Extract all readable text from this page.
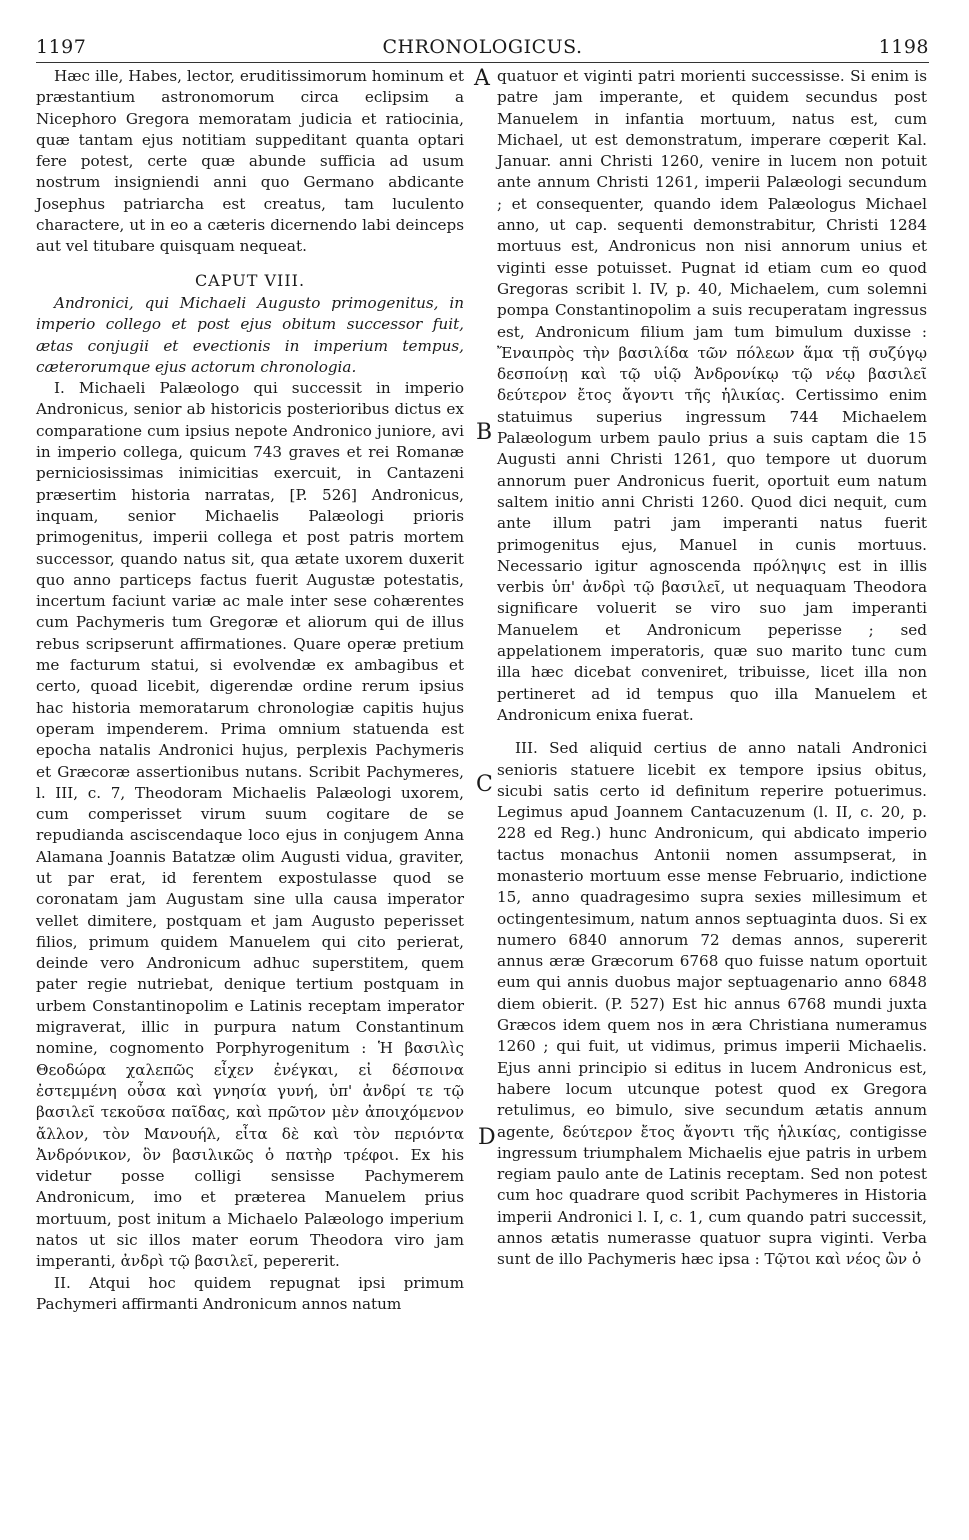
1197	CHRONOLOGICUS.	1198
A
B
C
D

Hæc ille, Habes, lector, eruditissimorum hominum et præstantium astronomorum circa eclipsim a Nicephoro Gregora memoratam judicia et ratiocinia, quæ tantam ejus notitiam suppeditant quanta optari fere potest, certe quæ abunde sufficia ad usum nostrum insigniendi anni quo Germano abdicante Josephus patriarcha est creatus, tam luculento charactere, ut in eo a cæteris dicernendo labi deinceps aut vel titubare quisquam nequeat.

CAPUT VIII.

Andronici, qui Michaeli Augusto primogenitus, in imperio collego et post ejus obitum successor fuit, ætas conjugii et evectionis in imperium tempus, cæterorumque ejus actorum chronologia.

I. Michaeli Palæologo qui successit in imperio Andronicus, senior ab historicis posterioribus dictus ex comparatione cum ipsius nepote Andronico juniore, avi in imperio collega, quicum 743 graves et rei Romanæ perniciosissimas inimicitias exercuit, in Cantazeni præsertim historia narratas, [P. 526] Andronicus, inquam, senior Michaelis Palæologi prioris primogenitus, imperii collega et post patris mortem successor, quando natus sit, qua ætate uxorem duxerit quo anno particeps factus fuerit Augustæ potestatis, incertum faciunt variæ ac male inter sese cohærentes cum Pachymeris tum Gregoræ et aliorum qui de illus rebus scripserunt affirmationes. Quare operæ pretium me facturum statui, si evolvendæ ex ambagibus et certo, quoad licebit, digerendæ ordine rerum ipsius hac historia memoratarum chronologiæ capitis hujus operam impenderem. Prima omnium statuenda est epocha natalis Andronici hujus, perplexis Pachymeris et Græcoræ assertionibus nutans. Scribit Pachymeres, l. III, c. 7, Theodoram Michaelis Palæologi uxorem, cum comperisset virum suum cogitare de se repudianda asciscendaque loco ejus in conjugem Anna Alamana Joannis Batatzæ olim Augusti vidua, graviter, ut par erat, id ferentem expostulasse quod se coronatam jam Augustam sine ulla causa imperator vellet dimitere, postquam et jam Augusto peperisset filios, primum quidem Manuelem qui cito perierat, deinde vero Andronicum adhuc superstitem, quem pater regie nutriebat, denique tertium postquam in urbem Constantinopolim e Latinis receptam imperator migraverat, illic in purpura natum Constantinum nomine, cognomento Porphyrogenitum : Ἡ βασιλὶς Θεοδώρα χαλεπῶς εἶχεν ἐνέγκαι, εἰ δέσποινα ἐστεμμένη οὖσα καὶ γνησία γυνή, ὑπ' ἀνδρί τε τῷ βασιλεῖ τεκοῦσα παῖδας, καὶ πρῶτον μὲν ἀποιχόμενον ἄλλον, τὸν Μανουήλ, εἶτα δὲ καὶ τὸν περιόντα Ἀνδρόνικον, ὃν βασιλικῶς ὁ πατὴρ τρέφοι. Ex his videtur posse colligi sensisse Pachymerem Andronicum, imo et præterea Manuelem prius mortuum, post initum a Michaelo Palæologo imperium natos ut sic illos mater eorum Theodora viro jam imperanti, ἀνδρὶ τῷ βασιλεῖ, pepererit.

II. Atqui hoc quidem repugnat ipsi primum Pachymeri affirmanti Andronicum annos natum

quatuor et viginti patri morienti successisse. Si enim is patre jam imperante, et quidem secundus post Manuelem in infantia mortuum, natus est, cum Michael, ut est demonstratum, imperare cœperit Kal. Januar. anni Christi 1260, venire in lucem non potuit ante annum Christi 1261, imperii Palæologi secundum ; et consequenter, quando idem Palæologus Michael anno, ut cap. sequenti demonstrabitur, Christi 1284 mortuus est, Andronicus non nisi annorum unius et viginti esse potuisset. Pugnat id etiam cum eo quod Gregoras scribit l. IV, p. 40, Michaelem, cum solemni pompa Constantinopolim a suis recuperatam ingressus est, Andronicum filium jam tum bimulum duxisse : Ἔναιπρὸς τὴν βασιλίδα τῶν πόλεων ἅμα τῇ συζύγῳ δεσποίνῃ καὶ τῷ υἱῷ Ἀνδρονίκῳ τῷ νέῳ βασιλεῖ δεύτερον ἔτος ἄγοντι τῆς ἡλικίας. Certissimo enim statuimus superius ingressum 744 Michaelem Palæologum urbem paulo prius a suis captam die 15 Augusti anni Christi 1261, quo tempore ut duorum annorum puer Andronicus fuerit, oportuit eum natum saltem initio anni Christi 1260. Quod dici nequit, cum ante illum patri jam imperanti natus fuerit primogenitus ejus, Manuel in cunis mortuus. Necessario igitur agnoscenda πρόληψις est in illis verbis ὑπ' ἀνδρὶ τῷ βασιλεῖ, ut nequaquam Theodora significare voluerit se viro suo jam imperanti Manuelem et Andronicum peperisse ; sed appelationem imperatoris, quæ suo marito tunc cum illa hæc dicebat conveniret, tribuisse, licet illa non pertineret ad id tempus quo illa Manuelem et Andronicum enixa fuerat.

III. Sed aliquid certius de anno natali Andronici senioris statuere licebit ex tempore ipsius obitus, sicubi satis certo id definitum reperire potuerimus. Legimus apud Joannem Cantacuzenum (l. II, c. 20, p. 228 ed Reg.) hunc Andronicum, qui abdicato imperio tactus monachus Antonii nomen assumpserat, in monasterio mortuum esse mense Februario, indictione 15, anno quadragesimo supra sexies millesimum et octingentesimum, natum annos septuaginta duos. Si ex numero 6840 annorum 72 demas annos, supererit annus æræ Græcorum 6768 quo fuisse natum oportuit eum qui annis duobus major septuagenario anno 6848 diem obierit. (P. 527) Est hic annus 6768 mundi juxta Græcos idem quem nos in æra Christiana numeramus 1260 ; qui fuit, ut vidimus, primus imperii Michaelis. Ejus anni principio si editus in lucem Andronicus est, habere locum utcunque potest quod ex Gregora retulimus, eo bimulo, sive secundum ætatis annum agente, δεύτερον ἔτος ἄγοντι τῆς ἡλικίας, contigisse ingressum triumphalem Michaelis ejue patris in urbem regiam paulo ante de Latinis receptam. Sed non potest cum hoc quadrare quod scribit Pachymeres in Historia imperii Andronici l. I, c. 1, cum quando patri successit, annos ætatis numerasse quatuor supra viginti. Verba sunt de illo Pachymeris hæc ipsa : Τῷτοι καὶ νέος ὢν ὁ
